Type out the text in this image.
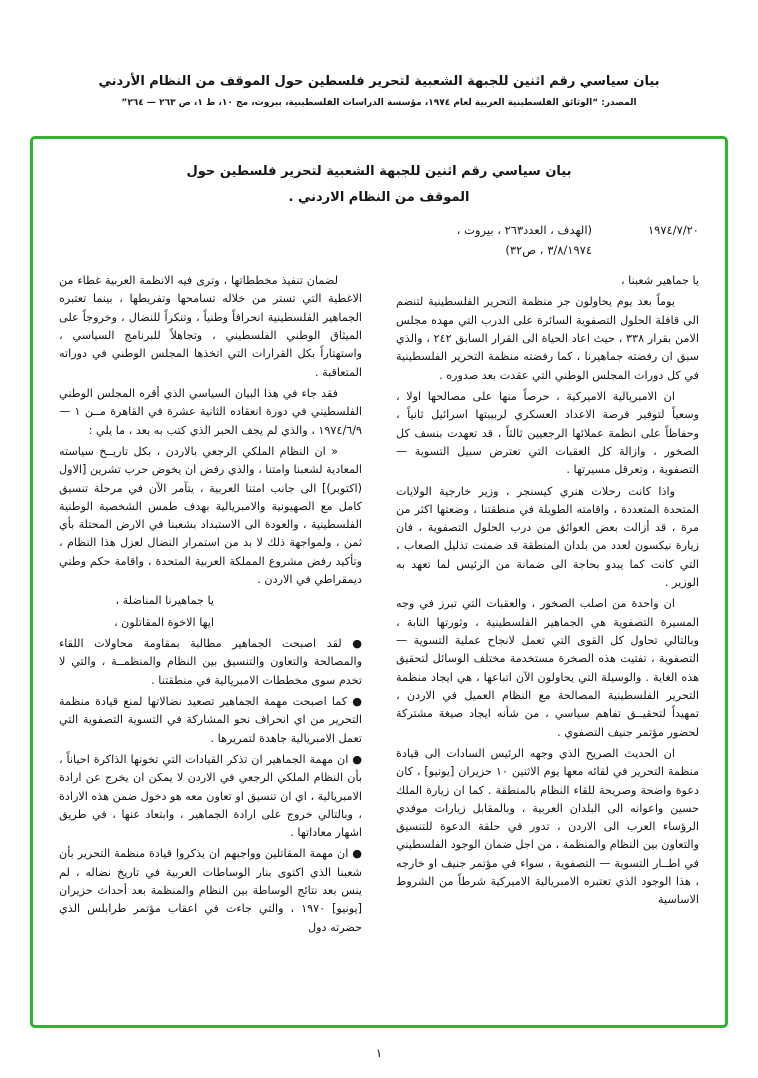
بيان سياسي رقم اثنين للجبهة الشعبية لتحرير فلسطين حول الموقف من النظام الأردني
المصدر: “الوثائق الفلسطينية العربية لعام ١٩٧٤، مؤسسة الدراسات الفلسطينية، بيروت، مج ١٠، ط ١، ص ٢٦٣ — ٢٦٤”
بيان سياسي رقم اثنين للجبهة الشعبية لتحرير فلسطين حول
الموقف من النظام الاردني .
١٩٧٤/٧/٢٠
(الهدف ، العدد٢٦٣ ، بيروت ،
٣/٨/١٩٧٤ ، ص٣٢)

يا جماهير شعبنا ،

يوماً بعد يوم يحاولون جر منظمة التحرير الفلسطينية لتنضم الى قافلة الحلول التصفوية السائرة على الدرب التي مهده مجلس الامن بقرار ٣٣٨ ، حيث اعاد الحياة الى القرار السابق ٢٤٢ ، والذي سبق ان رفضته جماهيرنا ، كما رفضته منظمة التحرير الفلسطينية في كل دورات المجلس الوطني التي عقدت بعد صدوره .

ان الامبريالية الاميركية ، حرصاً منها على مصالحها اولا ، وسعياً لتوفير فرصة الاعداد العسكري لربيبتها اسرائيل ثانياً ، وحفاظاً على انظمة عملائها الرجعيين ثالثاً ، قد تعهدت بنسف كل الصخور ، وازالة كل العقبات التي تعترض سبيل التسوية — التصفوية ، وتعرقل مسيرتها .

واذا كانت رحلات هنري كيسنجر ، وزير خارجية الولايات المتحدة المتعددة ، واقامته الطويلة في منطقتنا ، وضعتها اكثر من مرة ، قد أزالت بعض العوائق من درب الحلول التصفوية ، فان زيارة نيكسون لعدد من بلدان المنطقة قد ضمنت تذليل الصعاب ، التي كانت كما يبدو بحاجة الى ضمانة من الرئيس لما تعهد به الوزير .

ان واحدة من اصلب الصخور ، والعقبات التي تبرز في وجه المسيرة التصفوية هي الجماهير الفلسطينية ، وثورتها النابة ، وبالتالي تحاول كل القوى التي تعمل لانجاح عملية التسوية — التصفوية ، تفتيت هذه الصخرة مستخدمة مختلف الوسائل لتحقيق هذه الغاية . والوسيلة التي يحاولون الآن اتباعها ، هي ايجاد منظمة التحرير الفلسطينية المصالحة مع النظام العميل في الاردن ، تمهيداً لتحقيــق تفاهم سياسي ، من شأنه ايجاد صيغة مشتركة لحضور مؤتمر جنيف التصفوي .

ان الحديث الصريح الذي وجهه الرئيس السادات الى قيادة منظمة التحرير في لقائه معها يوم الاثنين ١٠ حزيران [يونيو] ، كان دعوة واضحة وصريحة للقاء النظام بالمنطقة . كما ان زيارة الملك حسين واعوانه الى البلدان العربية ، وبالمقابل زيارات موفدي الرؤساء العرب الى الاردن ، تدور في حلقة الدعوة للتنسيق والتعاون بين النظام والمنظمة ، من اجل ضمان الوجود الفلسطيني في اطــار التسوية — التصفوية ، سواء في مؤتمر جنيف او خارجه ، هذا الوجود الذي تعتبره الامبريالية الاميركية شرطاً من الشروط الاساسية

لضمان تنفيذ مخططاتها ، وترى فيه الانظمة العربية غطاء من الاغطية التي تستر من خلاله تسامحها وتفريطها ، بينما تعتبره الجماهير الفلسطينية انحرافاً وطنياً ، وتنكراً للنضال ، وخروجاً على الميثاق الوطني الفلسطيني ، وتجاهلاً للبرنامج السياسي ، واستهتاراً بكل القرارات التي اتخذها المجلس الوطني في دوراته المتعاقبة .

فقد جاء في هذا البيان السياسي الذي أقره المجلس الوطني الفلسطيني في دورة انعقاده الثانية عشرة في القاهرة مــن ١ — ١٩٧٤/٦/٩ ، والذي لم يجف الحبر الذي كتب به بعد ، ما يلي :

« ان النظام الملكي الرجعي بالاردن ، بكل تاريــخ سياسته المعادية لشعبنا وامتنا ، والذي رفض ان يخوض حرب تشرين [الاول (اكتوبر)] الى جانب امتنا العربية ، يتآمر الآن في مرحلة تنسيق كامل مع الصهيونية والامبريالية بهدف طمس الشخصية الوطنية الفلسطينية ، والعودة الى الاستبداد بشعبنا في الارض المحتلة بأي ثمن ، ولمواجهة ذلك لا بد من استمرار النضال لعزل هذا النظام ، وتأكيد رفض مشروع المملكة العربية المتحدة ، واقامة حكم وطني ديمقراطي في الاردن .

يا جماهيرنا المناضلة ،

ايها الاخوة المقاتلون ،

● لقد اصبحت الجماهير مطالبة بمقاومة محاولات اللقاء والمصالحة والتعاون والتنسيق بين النظام والمنظمــة ، والتي لا تخدم سوى مخططات الامبريالية في منطقتنا .

● كما اصبحت مهمة الجماهير تصعيد نضالاتها لمنع قيادة منظمة التحرير من اي انحراف نحو المشاركة في التسوية التصفوية التي تعمل الامبريالية جاهدة لتمريرها .

● ان مهمة الجماهير ان تذكر القيادات التي تخونها الذاكرة احياناً ، بأن النظام الملكي الرجعي في الاردن لا يمكن ان يخرج عن ارادة الامبريالية ، اي ان تنسيق او تعاون معه هو دخول ضمن هذه الارادة ، وبالتالي خروج على ارادة الجماهير ، وابتعاد عنها ، في طريق اشهار معاداتها .

● ان مهمة المقاتلين وواجبهم ان يذكروا قيادة منظمة التحرير بأن شعبنا الذي اكتوى بنار الوساطات العربية في تاريخ نضاله ، لم ينس بعد نتائج الوساطة بين النظام والمنظمة بعد أحداث حزيران [يونيو] ١٩٧٠ ، والتي جاءت في اعقاب مؤتمر طرابلس الذي حضرته دول

١
